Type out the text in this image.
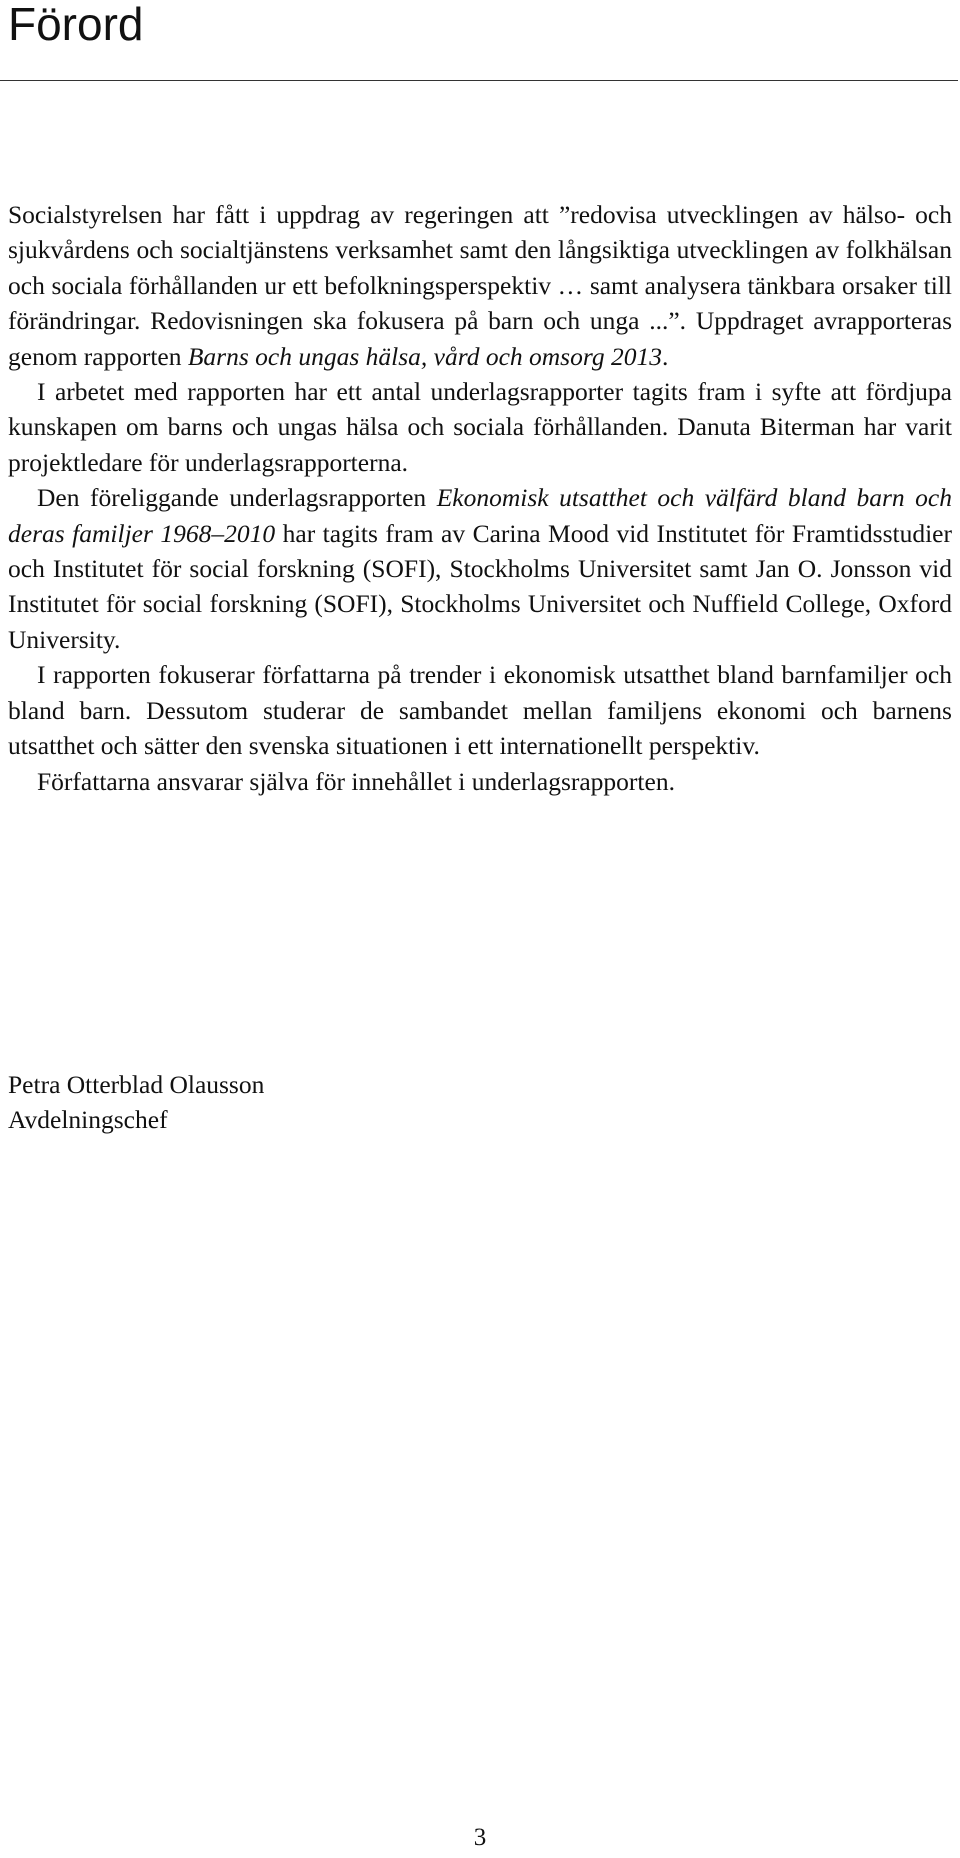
Förord

Socialstyrelsen har fått i uppdrag av regeringen att ”redovisa utvecklingen av hälso- och sjukvårdens och socialtjänstens verksamhet samt den långsiktiga utvecklingen av folkhälsan och sociala förhållanden ur ett befolkningsperspektiv … samt analysera tänkbara orsaker till förändringar. Redovisningen ska fokusera på barn och unga ...”. Uppdraget avrapporteras genom rapporten Barns och ungas hälsa, vård och omsorg 2013.

I arbetet med rapporten har ett antal underlagsrapporter tagits fram i syfte att fördjupa kunskapen om barns och ungas hälsa och sociala förhållanden. Danuta Biterman har varit projektledare för underlagsrapporterna.

Den föreliggande underlagsrapporten Ekonomisk utsatthet och välfärd bland barn och deras familjer 1968–2010 har tagits fram av Carina Mood vid Institutet för Framtidsstudier och Institutet för social forskning (SOFI), Stockholms Universitet samt Jan O. Jonsson vid Institutet för social forskning (SOFI), Stockholms Universitet och Nuffield College, Oxford University.

I rapporten fokuserar författarna på trender i ekonomisk utsatthet bland barnfamiljer och bland barn. Dessutom studerar de sambandet mellan familjens ekonomi och barnens utsatthet och sätter den svenska situationen i ett internationellt perspektiv.

Författarna ansvarar själva för innehållet i underlagsrapporten.

Petra Otterblad Olausson
Avdelningschef
3
